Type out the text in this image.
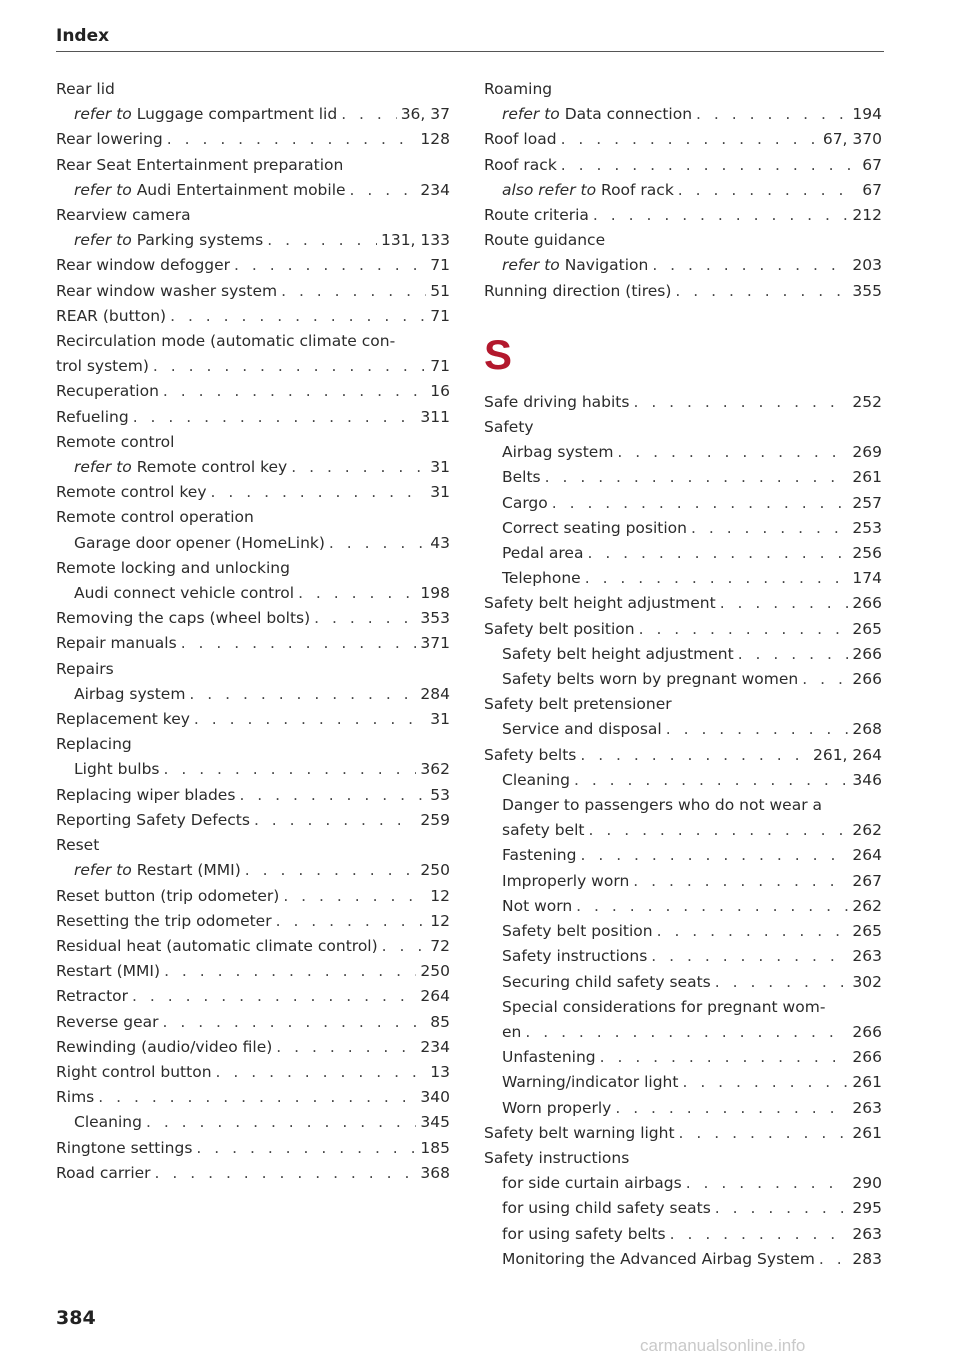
Index
Rear lid
refer to Luggage compartment lid . . .	36, 37
Rear lowering . . .	128
Rear Seat Entertainment preparation
refer to Audi Entertainment mobile . . .	234
Rearview camera
refer to Parking systems . . .	131, 133
Rear window defogger . . .	71
Rear window washer system . . .	51
REAR (button) . . .	71
Recirculation mode (automatic climate con-
trol system) . . .	71
Recuperation . . .	16
Refueling . . .	311
Remote control
refer to Remote control key . . .	31
Remote control key . . .	31
Remote control operation
Garage door opener (HomeLink) . . .	43
Remote locking and unlocking
Audi connect vehicle control . . .	198
Removing the caps (wheel bolts) . . .	353
Repair manuals . . .	371
Repairs
Airbag system . . .	284
Replacement key . . .	31
Replacing
Light bulbs . . .	362
Replacing wiper blades . . .	53
Reporting Safety Defects . . .	259
Reset
refer to Restart (MMI) . . .	250
Reset button (trip odometer) . . .	12
Resetting the trip odometer . . .	12
Residual heat (automatic climate control) . . .	72
Restart (MMI) . . .	250
Retractor . . .	264
Reverse gear . . .	85
Rewinding (audio/video file) . . .	234
Right control button . . .	13
Rims . . .	340
Cleaning . . .	345
Ringtone settings . . .	185
Road carrier . . .	368
Roaming
refer to Data connection . . .	194
Roof load . . .	67, 370
Roof rack . . .	67
also refer to Roof rack . . .	67
Route criteria . . .	212
Route guidance
refer to Navigation . . .	203
Running direction (tires) . . .	355
S
Safe driving habits . . .	252
Safety
Airbag system . . .	269
Belts . . .	261
Cargo . . .	257
Correct seating position . . .	253
Pedal area . . .	256
Telephone . . .	174
Safety belt height adjustment . . .	266
Safety belt position . . .	265
Safety belt height adjustment . . .	266
Safety belts worn by pregnant women . . .	266
Safety belt pretensioner
Service and disposal . . .	268
Safety belts . . .	261, 264
Cleaning . . .	346
Danger to passengers who do not wear a
safety belt . . .	262
Fastening . . .	264
Improperly worn . . .	267
Not worn . . .	262
Safety belt position . . .	265
Safety instructions . . .	263
Securing child safety seats . . .	302
Special considerations for pregnant wom-
en . . .	266
Unfastening . . .	266
Warning/indicator light . . .	261
Worn properly . . .	263
Safety belt warning light . . .	261
Safety instructions
for side curtain airbags . . .	290
for using child safety seats . . .	295
for using safety belts . . .	263
Monitoring the Advanced Airbag System . . . 283
384
carmanualsonline.info
